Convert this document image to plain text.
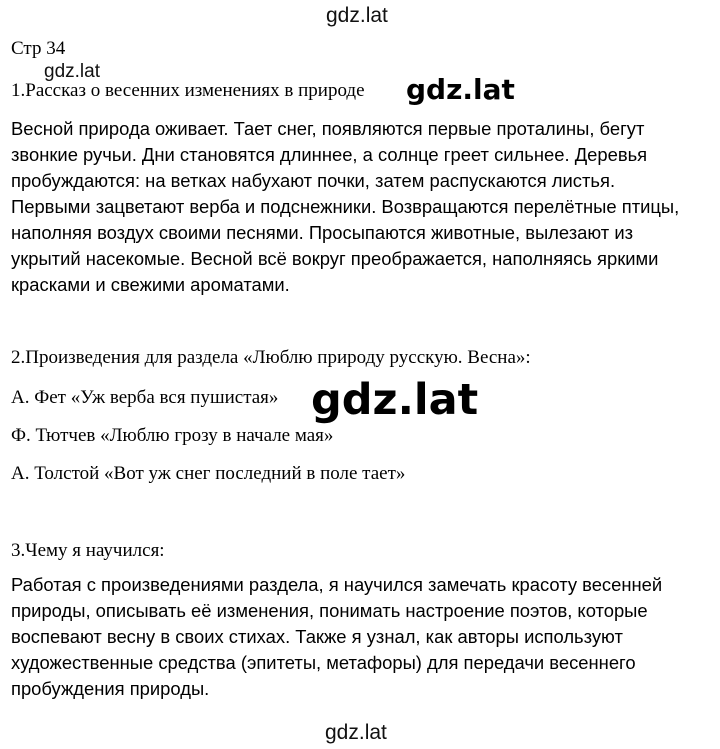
gdz.lat
Стр 34
gdz.lat
1.Рассказ о весенних изменениях в природе gdz.lat
Весной природа оживает. Тает снег, появляются первые проталины, бегут
звонкие ручьи. Дни становятся длиннее, а солнце греет сильнее. Деревья
пробуждаются: на ветках набухают почки, затем распускаются листья.
Первыми зацветают верба и подснежники. Возвращаются перелётные птицы,
наполняя воздух своими песнями. Просыпаются животные, вылезают из
укрытий насекомые. Весной всё вокруг преображается, наполняясь яркими
красками и свежими ароматами.
2.Произведения для раздела «Люблю природу русскую. Весна»:
А. Фет «Уж верба вся пушистая»
Ф. Тютчев «Люблю грозу в начале мая»
А. Толстой «Вот уж снег последний в поле тает»
gdz.lat
3.Чему я научился:
Работая с произведениями раздела, я научился замечать красоту весенней
природы, описывать её изменения, понимать настроение поэтов, которые
воспевают весну в своих стихах. Также я узнал, как авторы используют
художественные средства (эпитеты, метафоры) для передачи весеннего
пробуждения природы.
gdz.lat
